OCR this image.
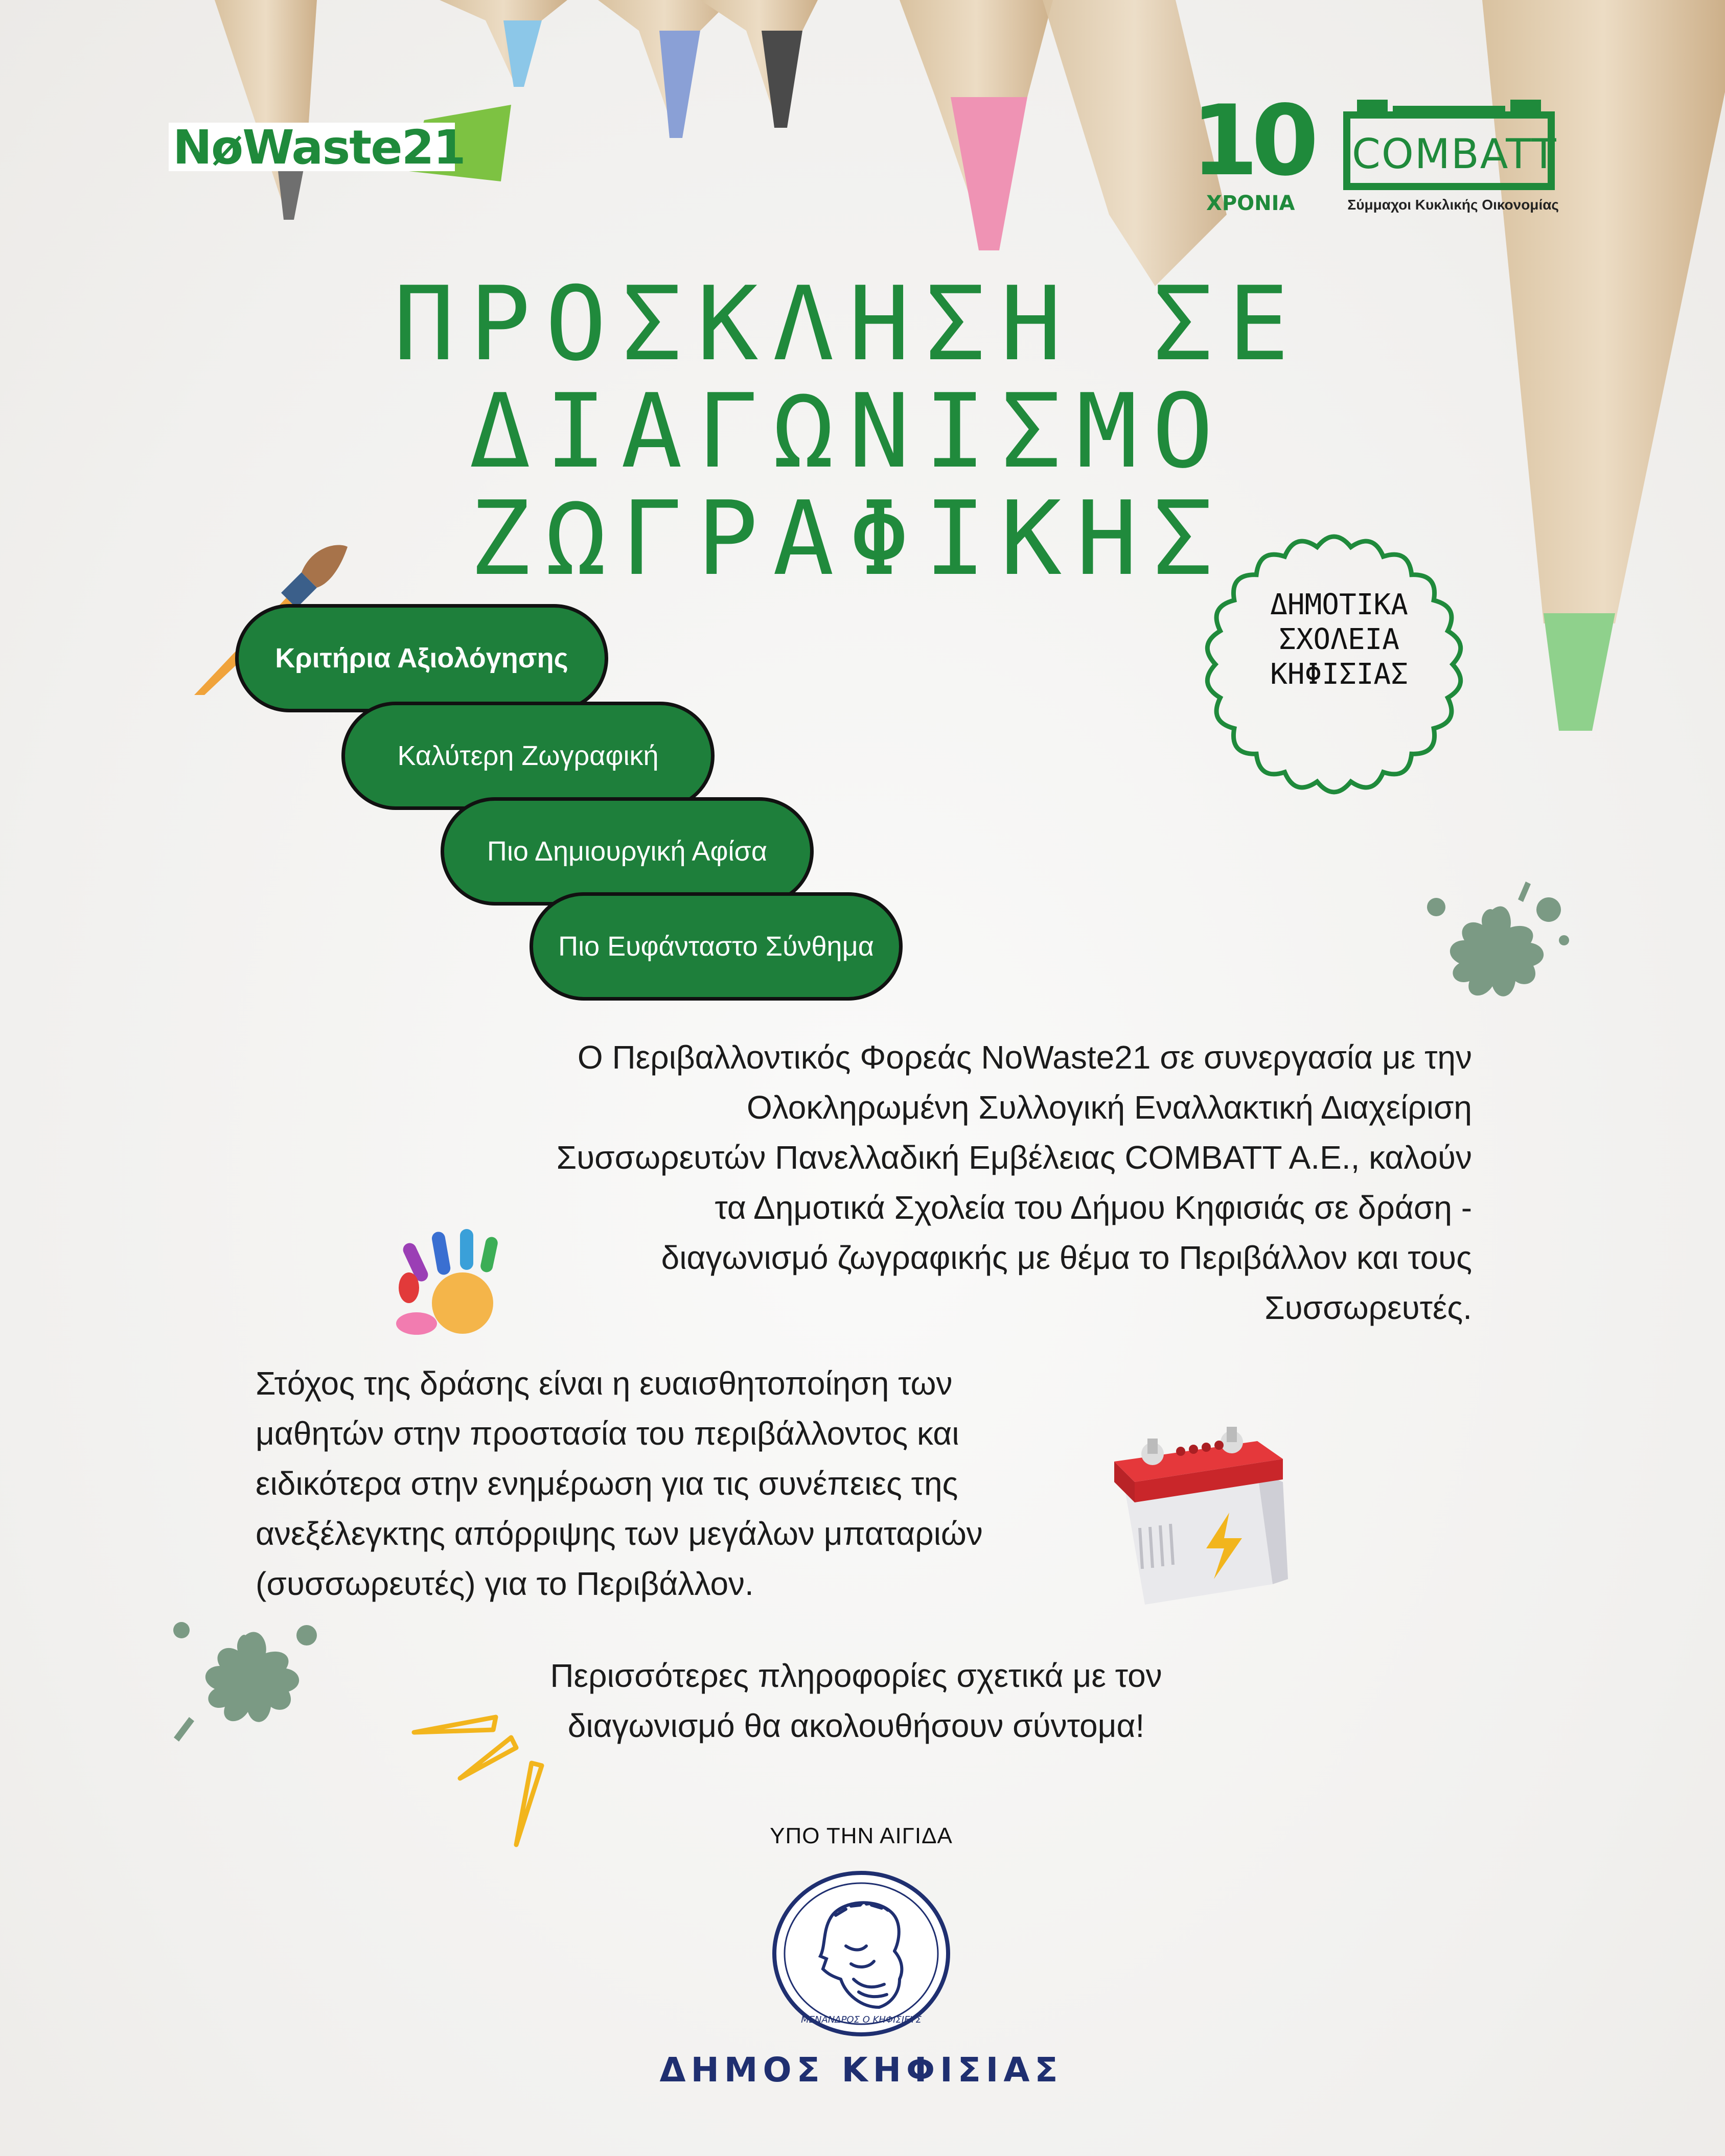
NøWaste21	10
ΧΡΟΝΙΑ
COMBATT
Σύμμαχοι Κυκλικής Οικονομίας
ΠΡΟΣΚΛΗΣΗ ΣΕ
ΔΙΑΓΩΝΙΣΜΟ
ΖΩΓΡΑΦΙΚΗΣ
ΔΗΜΟΤΙΚΑ
ΣΧΟΛΕΙΑ
ΚΗΦΙΣΙΑΣ
Κριτήρια Αξιολόγησης
Καλύτερη Ζωγραφική
Πιο Δημιουργική Αφίσα
Πιο Ευφάνταστο Σύνθημα
Ο Περιβαλλοντικός Φορεάς NoWaste21 σε συνεργασία με την
Ολοκληρωμένη Συλλογική Εναλλακτική Διαχείριση
Συσσωρευτών Πανελλαδική Εμβέλειας COMBATT A.E., καλούν
τα Δημοτικά Σχολεία του Δήμου Κηφισιάς σε δράση -
διαγωνισμό ζωγραφικής με θέμα το Περιβάλλον και τους
Συσσωρευτές.
Στόχος της δράσης είναι η ευαισθητοποίηση των
μαθητών στην προστασία του περιβάλλοντος και
ειδικότερα στην ενημέρωση για τις συνέπειες της
ανεξέλεγκτης απόρριψης των μεγάλων μπαταριών
(συσσωρευτές) για το Περιβάλλον.
Περισσότερες πληροφορίες σχετικά με τον
διαγωνισμό θα ακολουθήσουν σύντομα!
ΥΠΟ ΤΗΝ ΑΙΓΙΔΑ
ΜΕΝΑΝΔΡΟΣ Ο ΚΗΦΙΣΙΕΥΣ
ΔΗΜΟΣ ΚΗΦΙΣΙΑΣ
